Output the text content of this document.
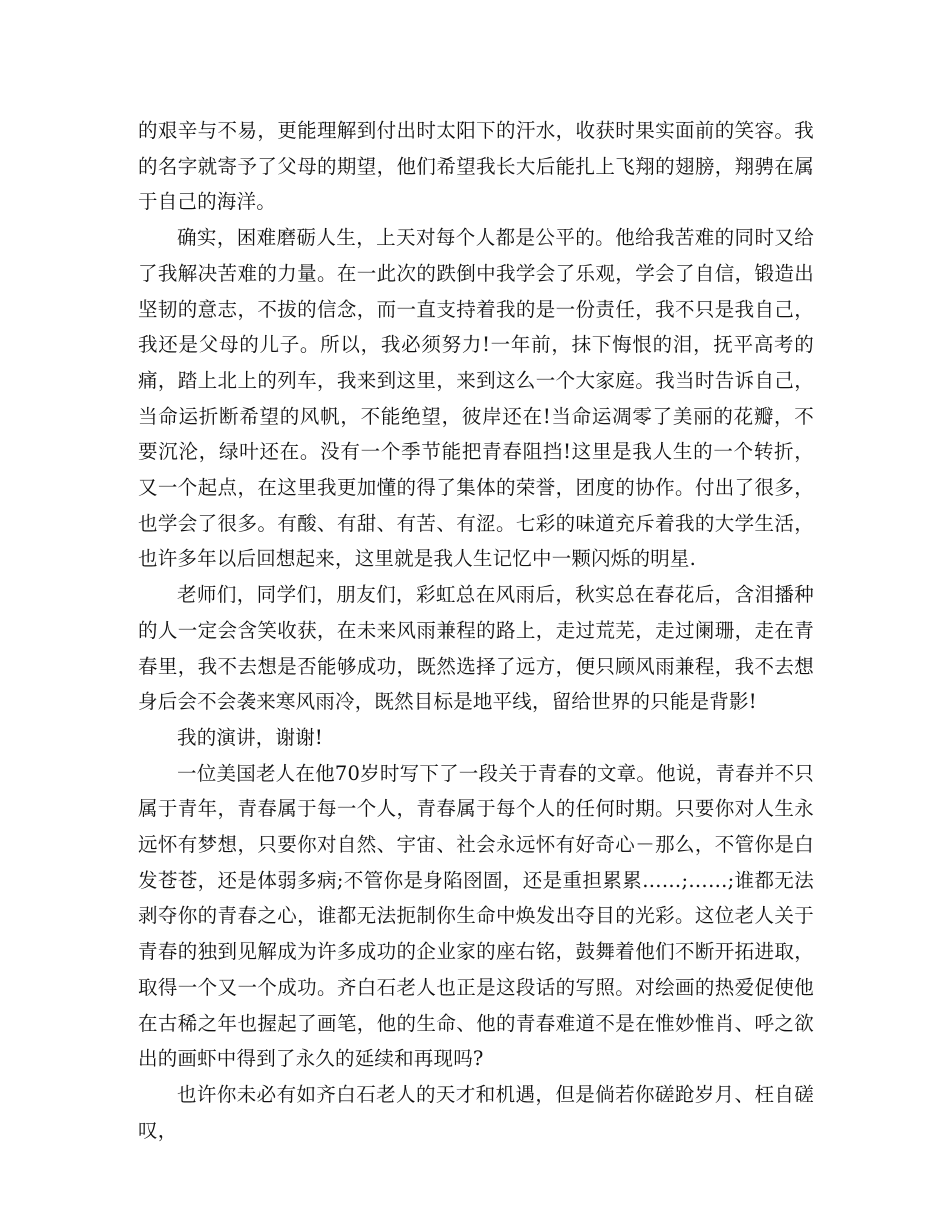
的艰辛与不易，更能理解到付出时太阳下的汗水，收获时果实面前的笑容。我的名字就寄予了父母的期望，他们希望我长大后能扎上飞翔的翅膀，翔骋在属于自己的海洋。

确实，困难磨砺人生，上天对每个人都是公平的。他给我苦难的同时又给了我解决苦难的力量。在一此次的跌倒中我学会了乐观，学会了自信，锻造出坚韧的意志，不拔的信念，而一直支持着我的是一份责任，我不只是我自己，我还是父母的儿子。所以，我必须努力!一年前，抹下悔恨的泪，抚平高考的痛，踏上北上的列车，我来到这里，来到这么一个大家庭。我当时告诉自己，当命运折断希望的风帆，不能绝望，彼岸还在!当命运凋零了美丽的花瓣，不要沉沦，绿叶还在。没有一个季节能把青春阻挡!这里是我人生的一个转折，又一个起点，在这里我更加懂的得了集体的荣誉，团度的协作。付出了很多，也学会了很多。有酸、有甜、有苦、有涩。七彩的味道充斥着我的大学生活，也许多年以后回想起来，这里就是我人生记忆中一颗闪烁的明星.

老师们，同学们，朋友们，彩虹总在风雨后，秋实总在春花后，含泪播种的人一定会含笑收获，在未来风雨兼程的路上，走过荒芜，走过阑珊，走在青春里，我不去想是否能够成功，既然选择了远方，便只顾风雨兼程，我不去想身后会不会袭来寒风雨冷，既然目标是地平线，留给世界的只能是背影!

我的演讲，谢谢!

一位美国老人在他70岁时写下了一段关于青春的文章。他说，青春并不只属于青年，青春属于每一个人，青春属于每个人的任何时期。只要你对人生永远怀有梦想，只要你对自然、宇宙、社会永远怀有好奇心－那么，不管你是白发苍苍，还是体弱多病;不管你是身陷囹圄，还是重担累累……;……;谁都无法剥夺你的青春之心，谁都无法扼制你生命中焕发出夺目的光彩。这位老人关于青春的独到见解成为许多成功的企业家的座右铭，鼓舞着他们不断开拓进取，取得一个又一个成功。齐白石老人也正是这段话的写照。对绘画的热爱促使他在古稀之年也握起了画笔，他的生命、他的青春难道不是在惟妙惟肖、呼之欲出的画虾中得到了永久的延续和再现吗?

也许你未必有如齐白石老人的天才和机遇，但是倘若你磋跄岁月、枉自磋叹，
